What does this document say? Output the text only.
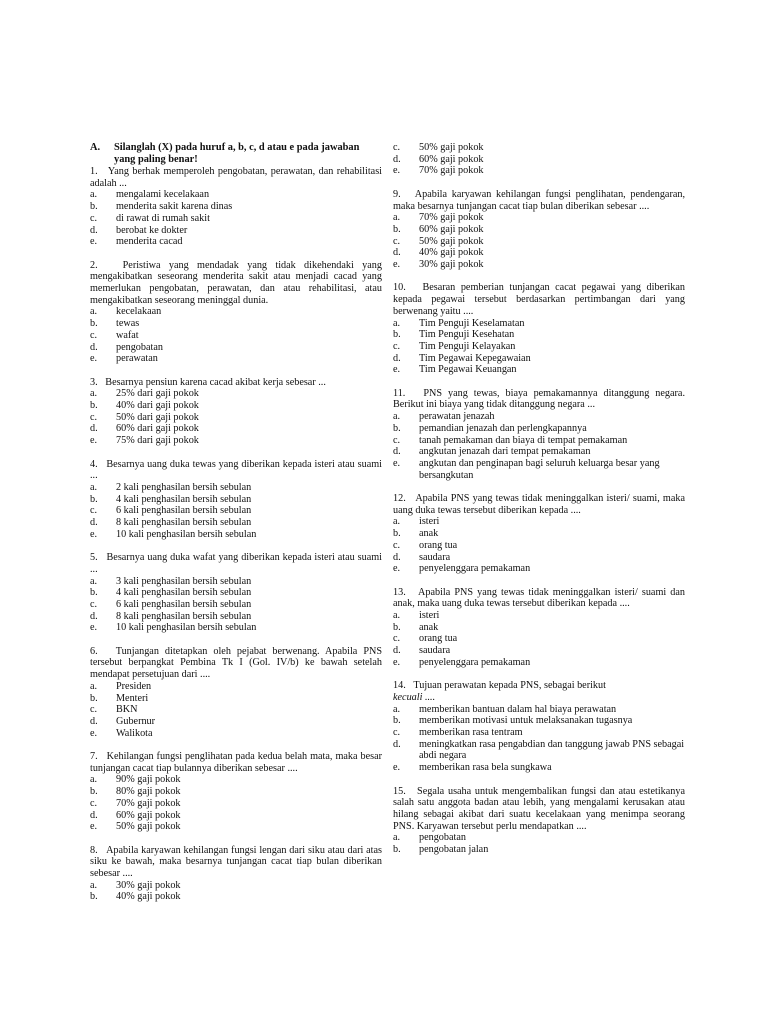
A.	Silanglah (X) pada huruf a, b, c, d atau e pada jawaban yang paling benar!
1. Yang berhak memperoleh pengobatan, perawatan, dan rehabilitasi adalah ...
a.	mengalami kecelakaan
b.	menderita sakit karena dinas
c.	di rawat di rumah sakit
d.	berobat ke dokter
e.	menderita cacad
2. Peristiwa yang mendadak yang tidak dikehendaki yang mengakibatkan seseorang menderita sakit atau menjadi cacad yang memerlukan pengobatan, perawatan, dan atau rehabilitasi, atau mengakibatkan seseorang meninggal dunia.
a.	kecelakaan
b.	tewas
c.	wafat
d.	pengobatan
e.	perawatan
3. Besarnya pensiun karena cacad akibat kerja sebesar ...
a.	25% dari gaji pokok
b.	40% dari gaji pokok
c.	50% dari gaji pokok
d.	60% dari gaji pokok
e.	75% dari gaji pokok
4. Besarnya uang duka tewas yang diberikan kepada isteri atau suami ...
a.	2 kali penghasilan bersih sebulan
b.	4 kali penghasilan bersih sebulan
c.	6 kali penghasilan bersih sebulan
d.	8 kali penghasilan bersih sebulan
e.	10 kali penghasilan bersih sebulan
5. Besarnya uang duka wafat yang diberikan kepada isteri atau suami ...
a.	3 kali penghasilan bersih sebulan
b.	4 kali penghasilan bersih sebulan
c.	6 kali penghasilan bersih sebulan
d.	8 kali penghasilan bersih sebulan
e.	10 kali penghasilan bersih sebulan
6. Tunjangan ditetapkan oleh pejabat berwenang. Apabila PNS tersebut berpangkat Pembina Tk I (Gol. IV/b) ke bawah setelah mendapat persetujuan dari ....
a.	Presiden
b.	Menteri
c.	BKN
d.	Gubernur
e.	Walikota
7. Kehilangan fungsi penglihatan pada kedua belah mata, maka besar tunjangan cacat tiap bulannya diberikan sebesar ....
a.	90% gaji pokok
b.	80% gaji pokok
c.	70% gaji pokok
d.	60% gaji pokok
e.	50% gaji pokok
8. Apabila karyawan kehilangan fungsi lengan dari siku atau dari atas siku ke bawah, maka besarnya tunjangan cacat tiap bulan diberikan sebesar ....
a.	30% gaji pokok
b.	40% gaji pokok
c.	50% gaji pokok
d.	60% gaji pokok
e.	70% gaji pokok
9. Apabila karyawan kehilangan fungsi penglihatan, pendengaran, maka besarnya tunjangan cacat tiap bulan diberikan sebesar ....
a.	70% gaji pokok
b.	60% gaji pokok
c.	50% gaji pokok
d.	40% gaji pokok
e.	30% gaji pokok
10. Besaran pemberian tunjangan cacat pegawai yang diberikan kepada pegawai tersebut berdasarkan pertimbangan dari yang berwenang yaitu ....
a.	Tim Penguji Keselamatan
b.	Tim Penguji Kesehatan
c.	Tim Penguji Kelayakan
d.	Tim Pegawai Kepegawaian
e.	Tim Pegawai Keuangan
11. PNS yang tewas, biaya pemakamannya ditanggung negara. Berikut ini biaya yang tidak ditanggung negara ...
a.	perawatan jenazah
b.	pemandian jenazah dan perlengkapannya
c.	tanah pemakaman dan biaya di tempat pemakaman
d.	angkutan jenazah dari tempat pemakaman
e.	angkutan dan penginapan bagi seluruh keluarga besar yang bersangkutan
12. Apabila PNS yang tewas tidak meninggalkan isteri/ suami, maka uang duka tewas tersebut diberikan kepada ....
a.	isteri
b.	anak
c.	orang tua
d.	saudara
e.	penyelenggara pemakaman
13. Apabila PNS yang tewas tidak meninggalkan isteri/ suami dan anak, maka uang duka tewas tersebut diberikan kepada ....
a.	isteri
b.	anak
c.	orang tua
d.	saudara
e.	penyelenggara pemakaman
14. Tujuan perawatan kepada PNS, sebagai berikut
kecuali ....
a.	memberikan bantuan dalam hal biaya perawatan
b.	memberikan motivasi untuk melaksanakan tugasnya
c.	memberikan rasa tentram
d.	meningkatkan rasa pengabdian dan tanggung jawab PNS sebagai abdi negara
e.	memberikan rasa bela sungkawa
15. Segala usaha untuk mengembalikan fungsi dan atau estetikanya salah satu anggota badan atau lebih, yang mengalami kerusakan atau hilang sebagai akibat dari suatu kecelakaan yang menimpa seorang PNS. Karyawan tersebut perlu mendapatkan ....
a.	pengobatan
b.	pengobatan jalan
